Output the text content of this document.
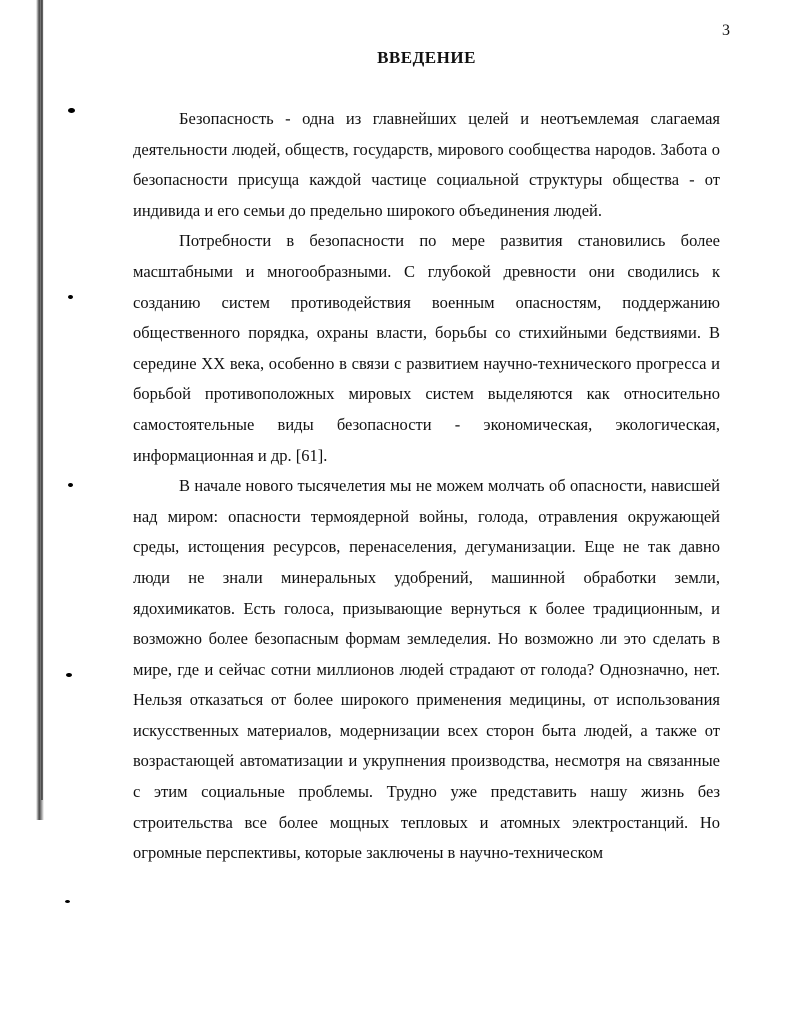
3
ВВЕДЕНИЕ

Безопасность - одна из главнейших целей и неотъемлемая слагаемая деятельности людей, обществ, государств, мирового сообщества народов. Забота о безопасности присуща каждой частице социальной структуры общества - от индивида и его семьи до предельно широкого объединения людей.

Потребности в безопасности по мере развития становились более масштабными и многообразными. С глубокой древности они сводились к созданию систем противодействия военным опасностям, поддержанию общественного порядка, охраны власти, борьбы со стихийными бедствиями. В середине XX века, особенно в связи с развитием научно-технического прогресса и борьбой противоположных мировых систем выделяются как относительно самостоятельные виды безопасности - экономическая, экологическая, информационная и др. [61].

В начале нового тысячелетия мы не можем молчать об опасности, нависшей над миром: опасности термоядерной войны, голода, отравления окружающей среды, истощения ресурсов, перенаселения, дегуманизации. Еще не так давно люди не знали минеральных удобрений, машинной обработки земли, ядохимикатов. Есть голоса, призывающие вернуться к более традиционным, и возможно более безопасным формам земледелия. Но возможно ли это сделать в мире, где и сейчас сотни миллионов людей страдают от голода? Однозначно, нет. Нельзя отказаться от более широкого применения медицины, от использования искусственных материалов, модернизации всех сторон быта людей, а также от возрастающей автоматизации и укрупнения производства, несмотря на связанные с этим социальные проблемы. Трудно уже представить нашу жизнь без строительства все более мощных тепловых и атомных электростанций. Но огромные перспективы, которые заключены в научно-техническом
